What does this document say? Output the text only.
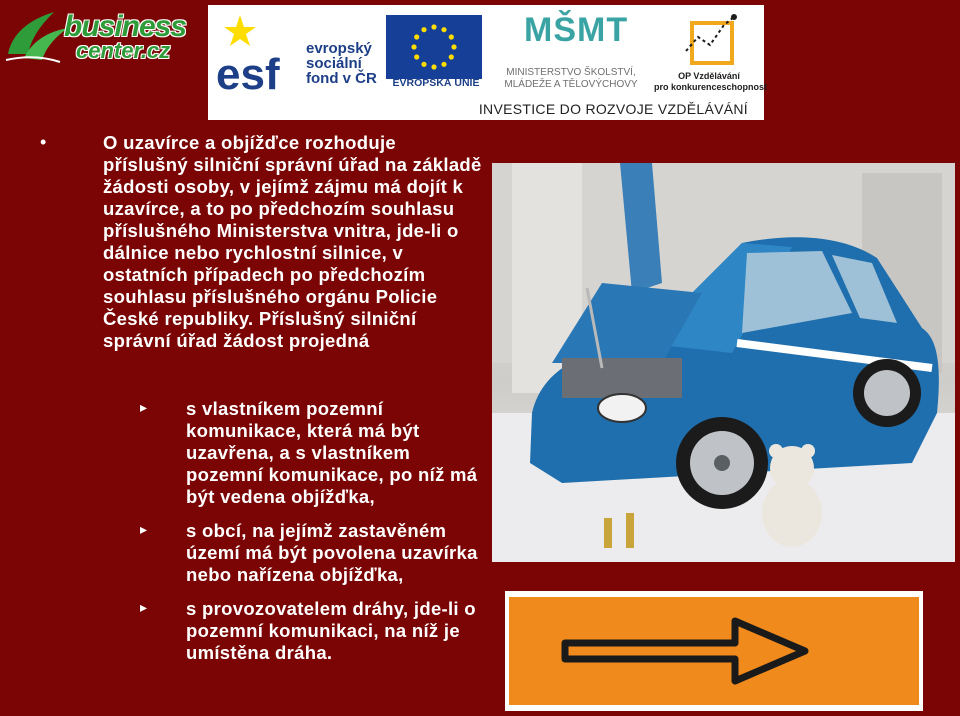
business
center.cz esf
evropský
sociální
fond v ČR	EVROPSKÁ UNIE
MŠMT
MINISTERSTVO ŠKOLSTVÍ,
MLÁDEŽE A TĚLOVÝCHOVY
OP Vzdělávání
pro konkurenceschopnost
INVESTICE DO ROZVOJE VZDĚLÁVÁNÍ
•	O uzavírce a objížďce rozhoduje příslušný silniční správní úřad na základě žádosti osoby, v jejímž zájmu má dojít k uzavírce, a to po předchozím souhlasu příslušného Ministerstva vnitra, jde-li o dálnice nebo rychlostní silnice, v ostatních případech po předchozím souhlasu příslušného orgánu Policie České republiky. Příslušný silniční správní úřad žádost projedná
▸ s vlastníkem pozemní komunikace, která má být uzavřena, a s vlastníkem pozemní komunikace, po níž má být vedena objížďka,
▸ s obcí, na jejímž zastavěném území má být povolena uzavírka nebo nařízena objížďka,
▸ s provozovatelem dráhy, jde-li o pozemní komunikaci, na níž je umístěna dráha.
